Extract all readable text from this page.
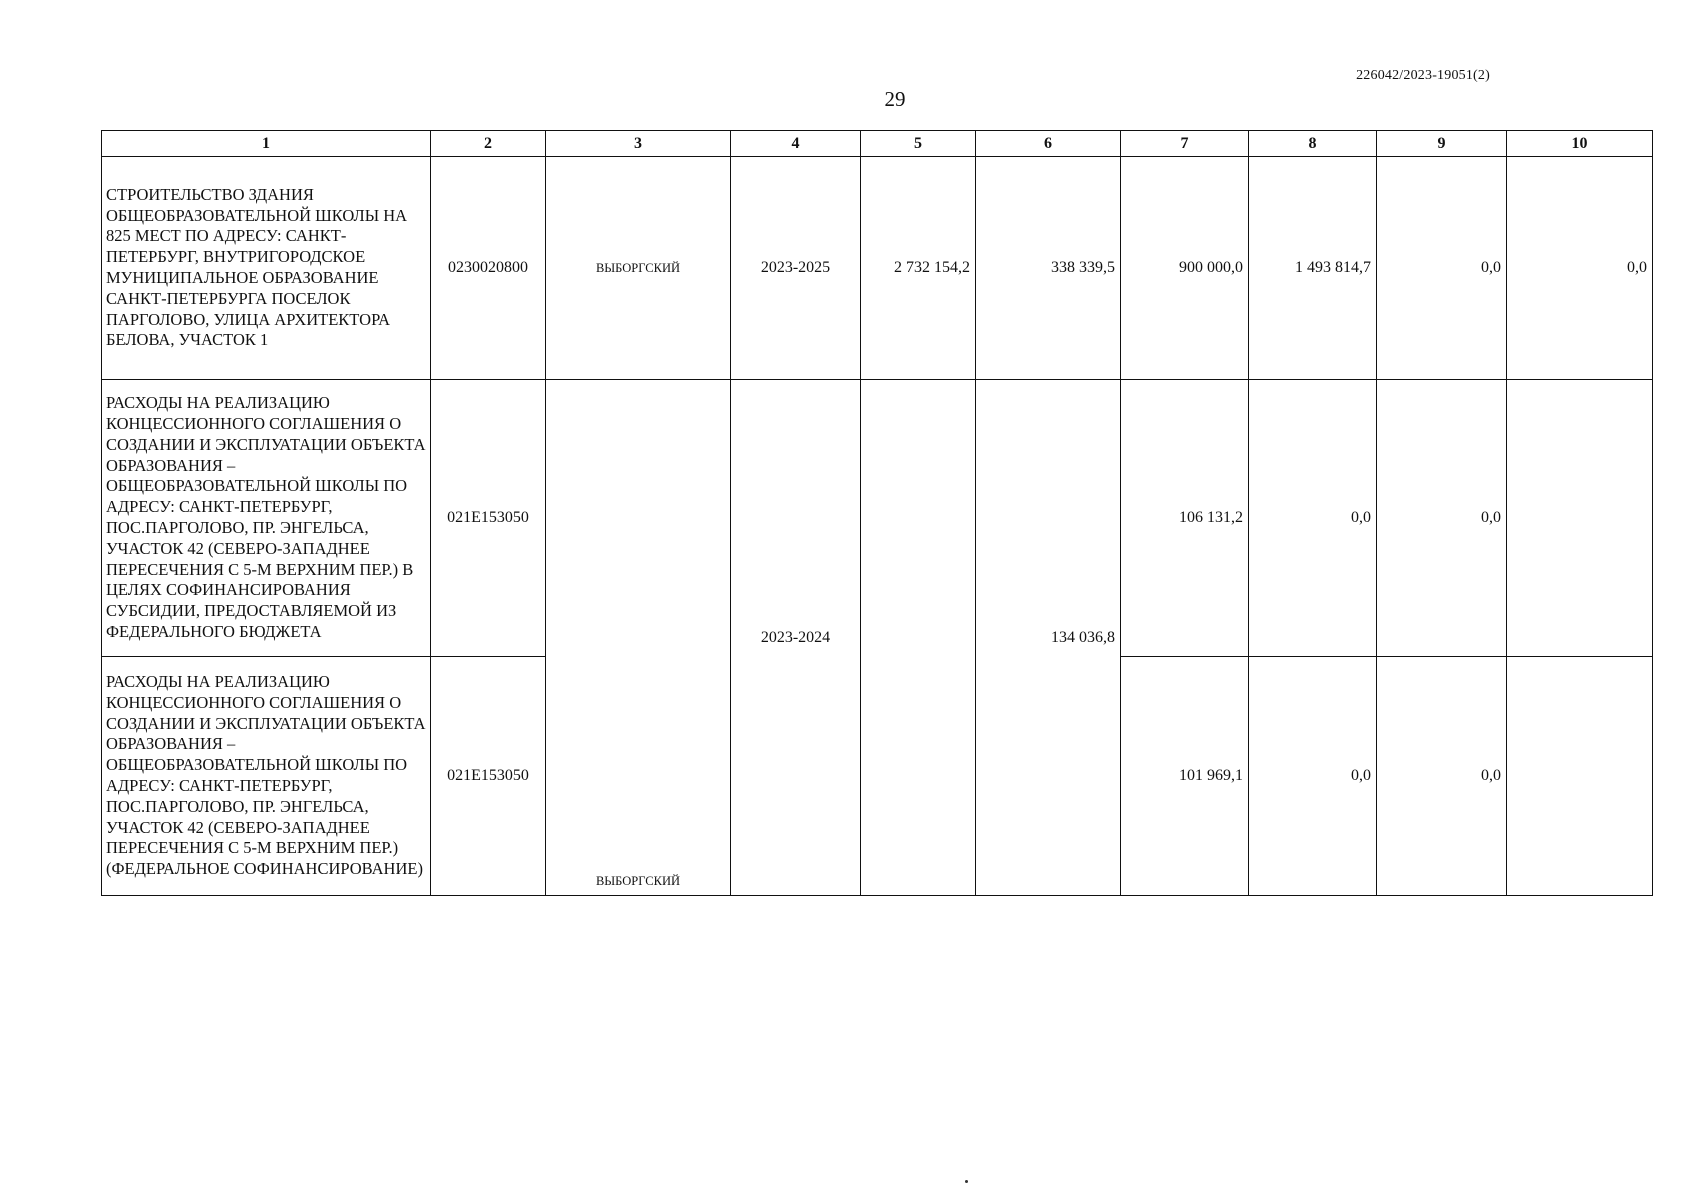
226042/2023-19051(2)
29
1	2	3	4	5	6	7	8	9	10
СТРОИТЕЛЬСТВО ЗДАНИЯ ОБЩЕОБРАЗОВАТЕЛЬНОЙ ШКОЛЫ НА 825 МЕСТ ПО АДРЕСУ: САНКТ-ПЕТЕРБУРГ, ВНУТРИГОРОДСКОЕ МУНИЦИПАЛЬНОЕ ОБРАЗОВАНИЕ САНКТ-ПЕТЕРБУРГА ПОСЕЛОК ПАРГОЛОВО, УЛИЦА АРХИТЕКТОРА БЕЛОВА, УЧАСТОК 1	0230020800	ВЫБОРГСКИЙ	2023-2025	2 732 154,2	338 339,5	900 000,0	1 493 814,7	0,0	0,0
РАСХОДЫ НА РЕАЛИЗАЦИЮ КОНЦЕССИОННОГО СОГЛАШЕНИЯ О СОЗДАНИИ И ЭКСПЛУАТАЦИИ ОБЪЕКТА ОБРАЗОВАНИЯ – ОБЩЕОБРАЗОВАТЕЛЬНОЙ ШКОЛЫ ПО АДРЕСУ: САНКТ-ПЕТЕРБУРГ, ПОС.ПАРГОЛОВО, ПР. ЭНГЕЛЬСА, УЧАСТОК 42 (СЕВЕРО-ЗАПАДНЕЕ ПЕРЕСЕЧЕНИЯ С 5-М ВЕРХНИМ ПЕР.) В ЦЕЛЯХ СОФИНАНСИРОВАНИЯ СУБСИДИИ, ПРЕДОСТАВЛЯЕМОЙ ИЗ ФЕДЕРАЛЬНОГО БЮДЖЕТА	021E153050	ВЫБОРГСКИЙ	2023-2024		134 036,8	106 131,2	0,0	0,0	
РАСХОДЫ НА РЕАЛИЗАЦИЮ КОНЦЕССИОННОГО СОГЛАШЕНИЯ О СОЗДАНИИ И ЭКСПЛУАТАЦИИ ОБЪЕКТА ОБРАЗОВАНИЯ – ОБЩЕОБРАЗОВАТЕЛЬНОЙ ШКОЛЫ ПО АДРЕСУ: САНКТ-ПЕТЕРБУРГ, ПОС.ПАРГОЛОВО, ПР. ЭНГЕЛЬСА, УЧАСТОК 42 (СЕВЕРО-ЗАПАДНЕЕ ПЕРЕСЕЧЕНИЯ С 5-М ВЕРХНИМ ПЕР.) (ФЕДЕРАЛЬНОЕ СОФИНАНСИРОВАНИЕ)	021E153050					101 969,1	0,0	0,0	
